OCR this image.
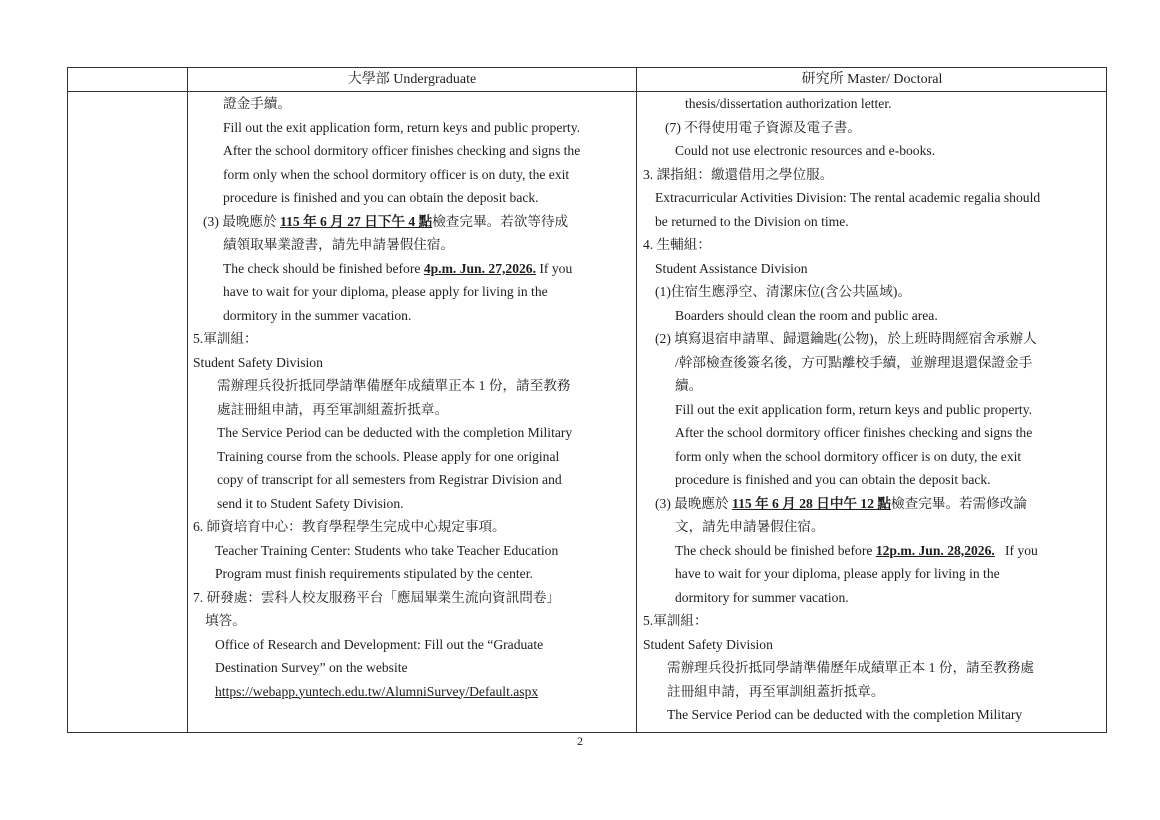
大學部 Undergraduate	研究所 Master/ Doctoral
證金手續。
Fill out the exit application form, return keys and public property.
After the school dormitory officer finishes checking and signs the
form only when the school dormitory officer is on duty, the exit
procedure is finished and you can obtain the deposit back.
(3) 最晚應於 115 年 6 月 27 日下午 4 點檢查完畢。若欲等待成
績領取畢業證書，請先申請暑假住宿。
The check should be finished before 4p.m. Jun. 27,2026. If you
have to wait for your diploma, please apply for living in the
dormitory in the summer vacation.
5.軍訓組：
Student Safety Division
需辦理兵役折抵同學請準備歷年成績單正本 1 份，請至教務
處註冊組申請，再至軍訓組蓋折抵章。
The Service Period can be deducted with the completion Military
Training course from the schools. Please apply for one original
copy of transcript for all semesters from Registrar Division and
send it to Student Safety Division.
6. 師資培育中心：教育學程學生完成中心規定事項。
Teacher Training Center: Students who take Teacher Education
Program must finish requirements stipulated by the center.
7. 研發處：雲科人校友服務平台「應屆畢業生流向資訊問卷」
填答。
Office of Research and Development: Fill out the “Graduate
Destination Survey” on the website
https://webapp.yuntech.edu.tw/AlumniSurvey/Default.aspx
thesis/dissertation authorization letter.
(7) 不得使用電子資源及電子書。
Could not use electronic resources and e-books.
3. 課指組：繳還借用之學位服。
Extracurricular Activities Division: The rental academic regalia should
be returned to the Division on time.
4. 生輔組：
Student Assistance Division
(1)住宿生應淨空、清潔床位(含公共區域)。
Boarders should clean the room and public area.
(2) 填寫退宿申請單、歸還鑰匙(公物)，於上班時間經宿舍承辦人
/幹部檢查後簽名後，方可點離校手續，並辦理退還保證金手
續。
Fill out the exit application form, return keys and public property.
After the school dormitory officer finishes checking and signs the
form only when the school dormitory officer is on duty, the exit
procedure is finished and you can obtain the deposit back.
(3) 最晚應於 115 年 6 月 28 日中午 12 點檢查完畢。若需修改論
文，請先申請暑假住宿。
The check should be finished before 12p.m. Jun. 28,2026.   If you
have to wait for your diploma, please apply for living in the
dormitory for summer vacation.
5.軍訓組：
Student Safety Division
需辦理兵役折抵同學請準備歷年成績單正本 1 份，請至教務處
註冊組申請，再至軍訓組蓋折抵章。
The Service Period can be deducted with the completion Military
2
